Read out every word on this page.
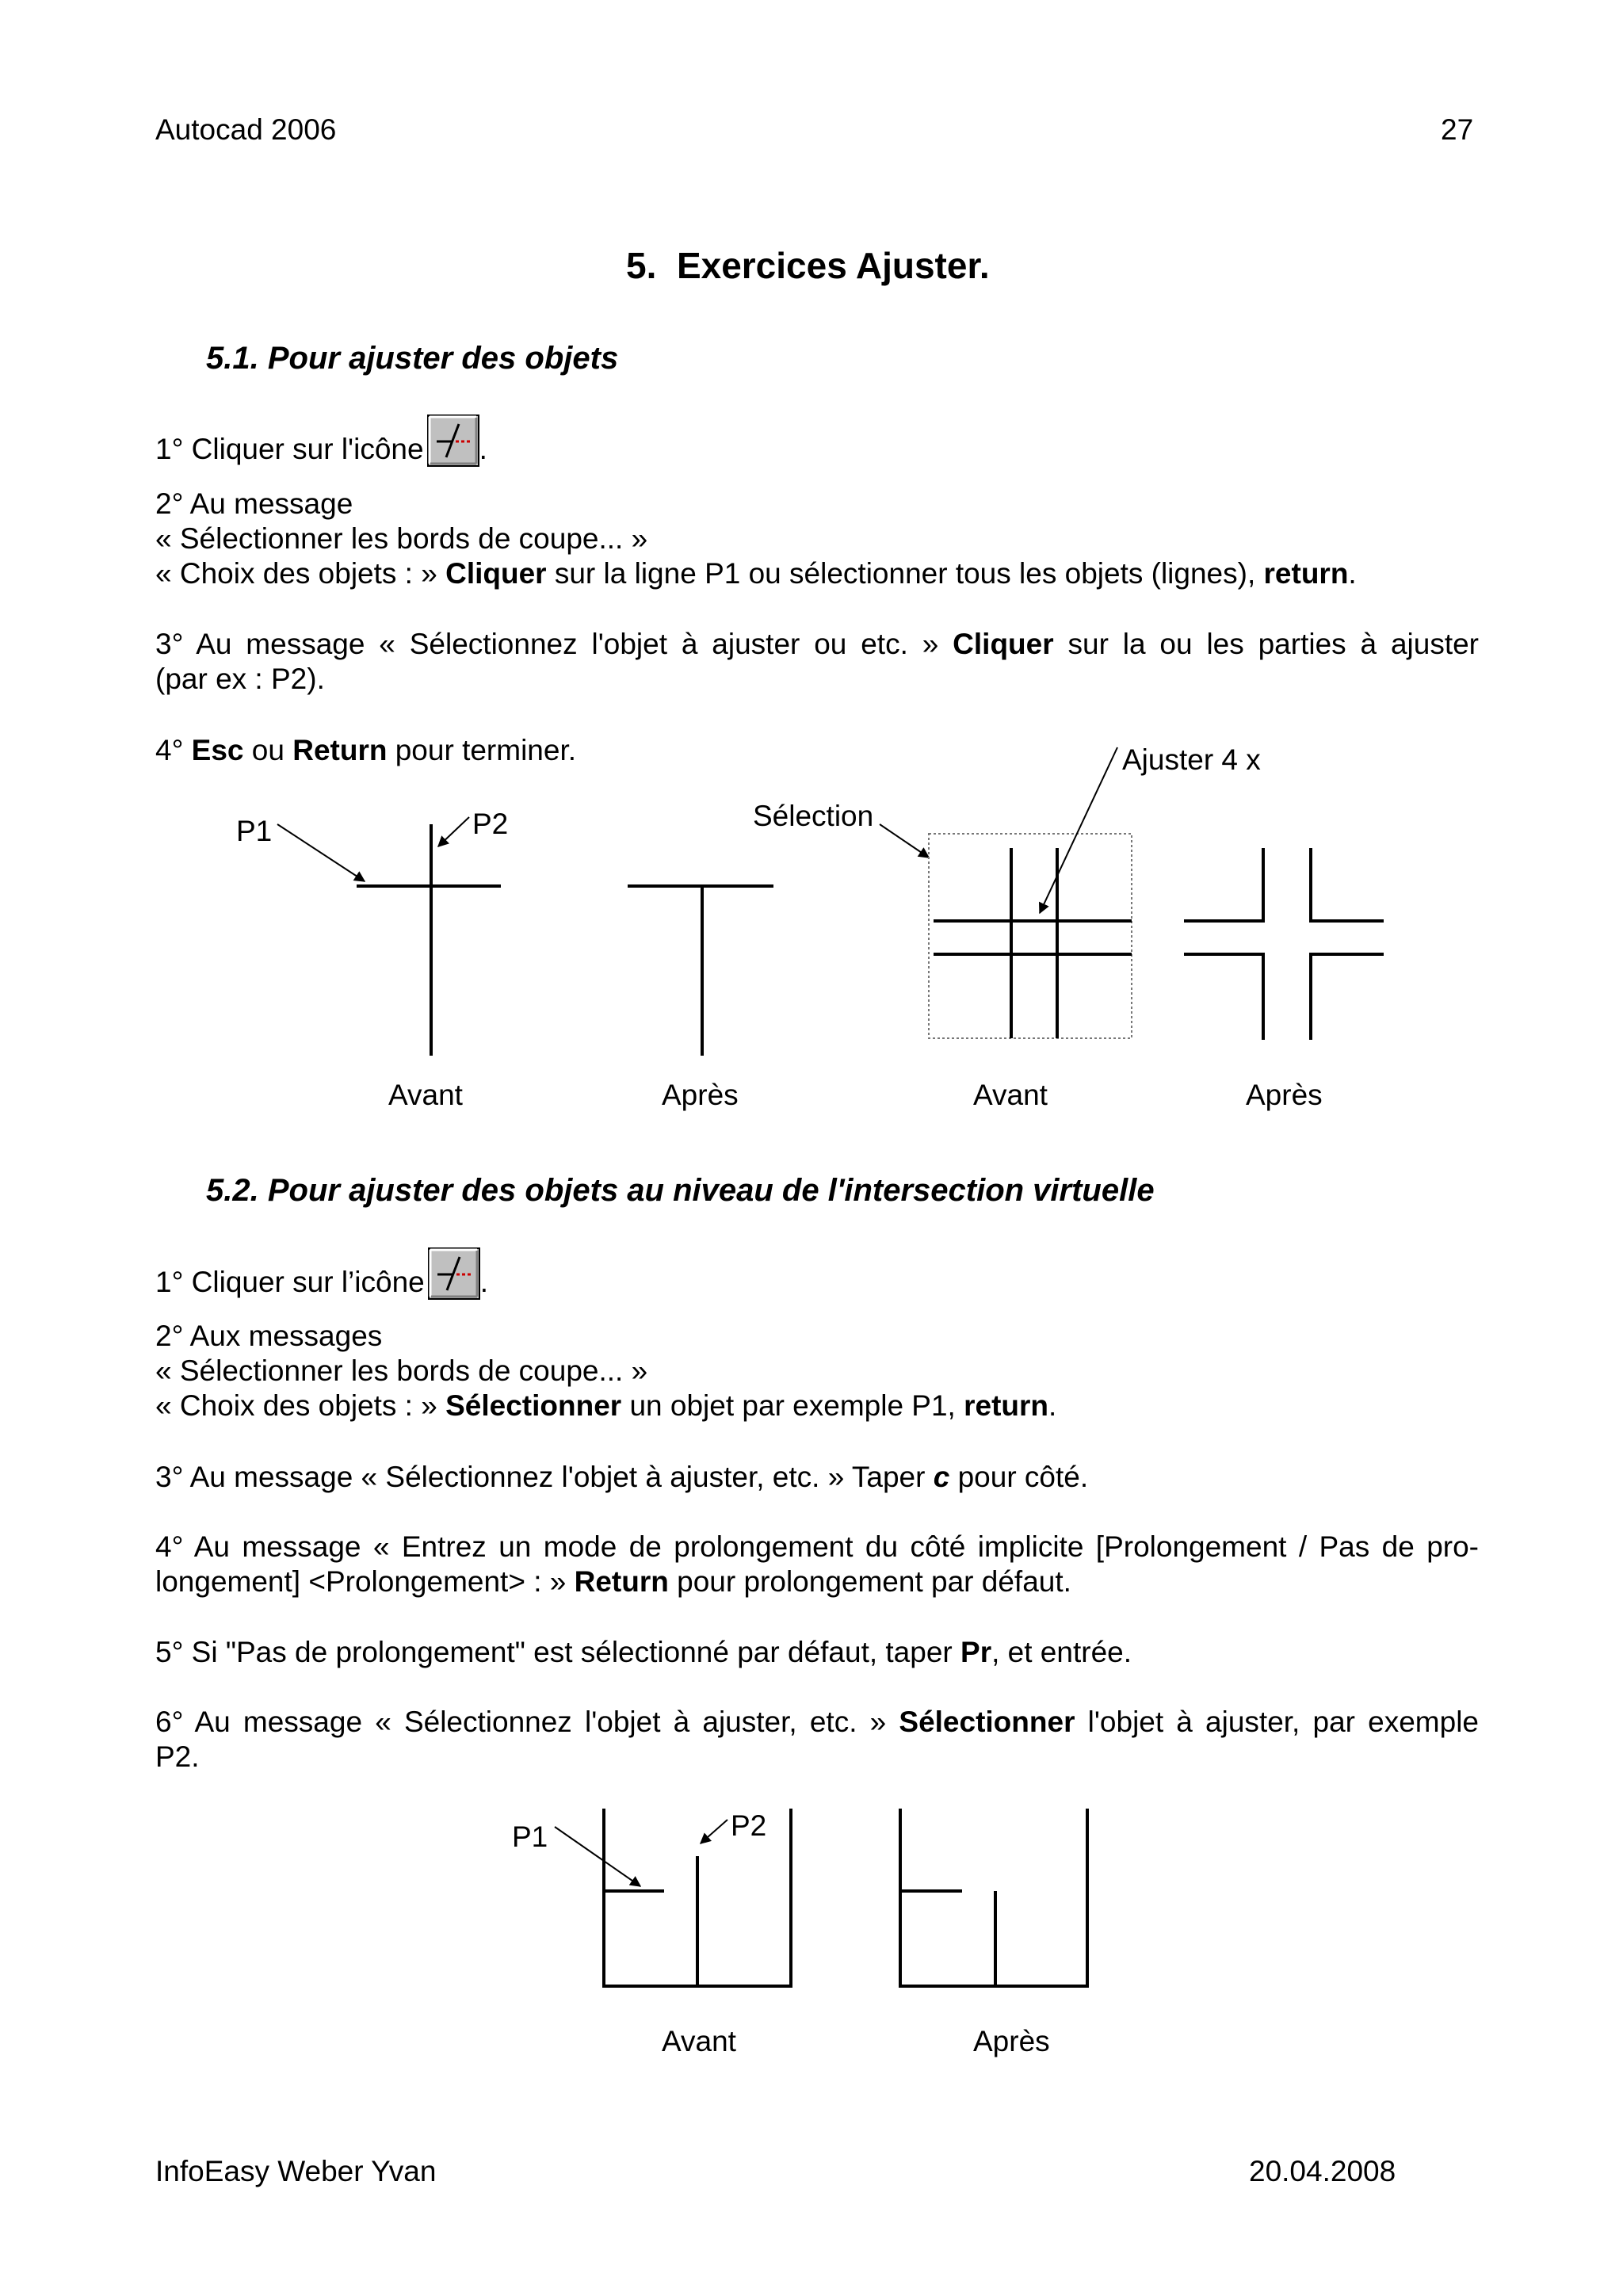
Autocad 2006	27
5. Exercices Ajuster.
5.1. Pour ajuster des objets
1° Cliquer sur l'icône .
2° Au message
« Sélectionner les bords de coupe... »
« Choix des objets : » Cliquer sur la ligne P1 ou sélectionner tous les objets (lignes), return.
3° Au message « Sélectionnez l'objet à ajuster ou etc. » Cliquer sur la ou les parties à ajuster
(par ex : P2).
4° Esc ou Return pour terminer.
P1	P2
Avant	Après
Sélection
Ajuster 4 x
Avant	Après
5.2. Pour ajuster des objets au niveau de l'intersection virtuelle
1° Cliquer sur l’icône .
2° Aux messages
« Sélectionner les bords de coupe... »
« Choix des objets : » Sélectionner un objet par exemple P1, return.
3° Au message « Sélectionnez l'objet à ajuster, etc. » Taper c pour côté.
4° Au message « Entrez un mode de prolongement du côté implicite [Prolongement / Pas de pro-
longement] <Prolongement> : » Return pour prolongement par défaut.
5° Si "Pas de prolongement" est sélectionné par défaut, taper Pr, et entrée.
6° Au message « Sélectionnez l'objet à ajuster, etc. » Sélectionner l'objet à ajuster, par exemple
P2.
P1	P2
Avant	Après
InfoEasy Weber Yvan	20.04.2008
